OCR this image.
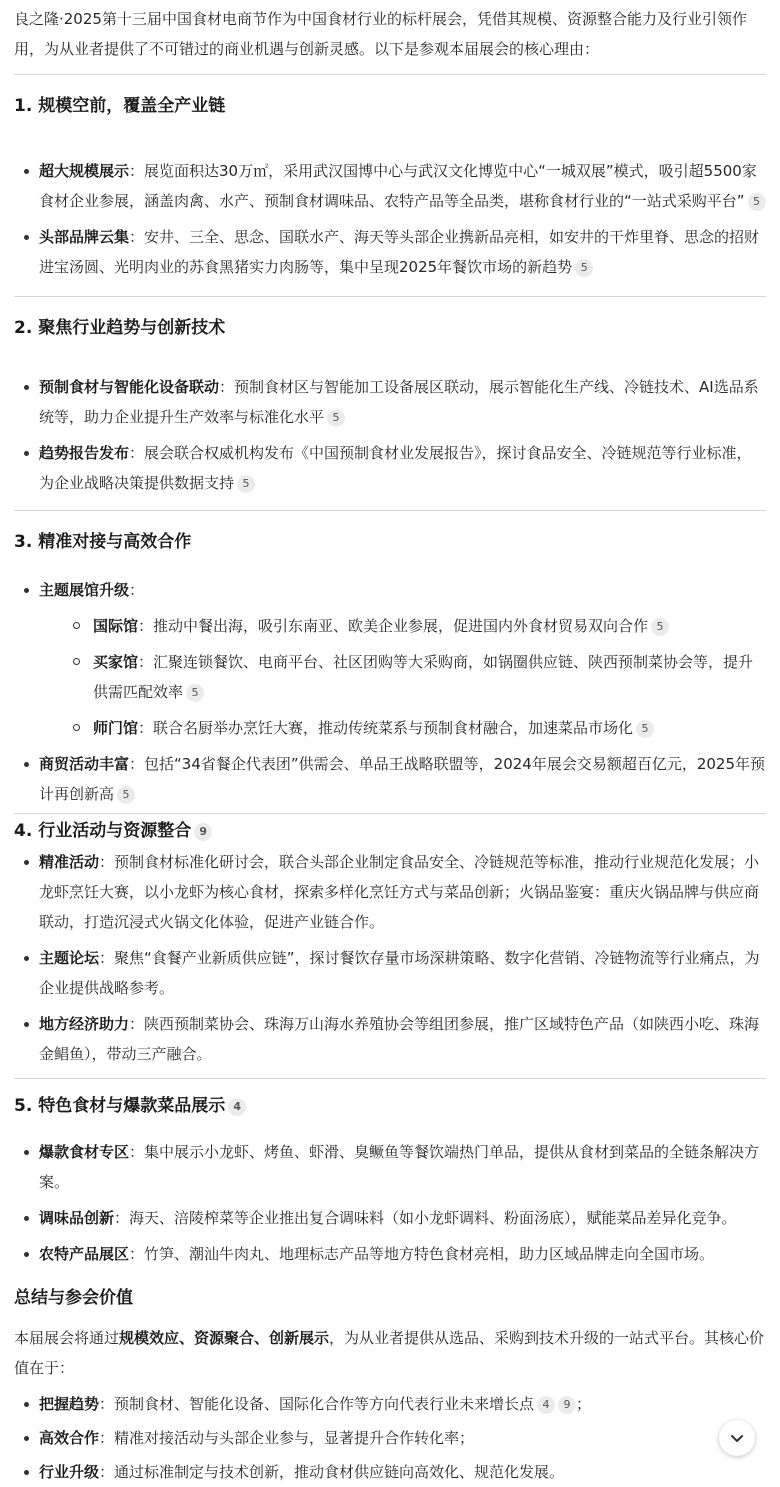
良之隆·2025第十三届中国食材电商节作为中国食材行业的标杆展会，凭借其规模、资源整合能力及行业引领作用，为从业者提供了不可错过的商业机遇与创新灵感。以下是参观本届展会的核心理由：

1. 规模空前，覆盖全产业链
超大规模展示：展览面积达30万㎡，采用武汉国博中心与武汉文化博览中心“一城双展”模式，吸引超5500家食材企业参展，涵盖肉禽、水产、预制食材调味品、农特产品等全品类，堪称食材行业的“一站式采购平台” 5
头部品牌云集：安井、三全、思念、国联水产、海天等头部企业携新品亮相，如安井的干炸里脊、思念的招财进宝汤圆、光明肉业的苏食黑猪实力肉肠等，集中呈现2025年餐饮市场的新趋势 5
2. 聚焦行业趋势与创新技术
预制食材与智能化设备联动：预制食材区与智能加工设备展区联动，展示智能化生产线、冷链技术、AI选品系统等，助力企业提升生产效率与标准化水平 5
趋势报告发布：展会联合权威机构发布《中国预制食材业发展报告》，探讨食品安全、冷链规范等行业标准，为企业战略决策提供数据支持 5
3. 精准对接与高效合作
主题展馆升级：
国际馆：推动中餐出海，吸引东南亚、欧美企业参展，促进国内外食材贸易双向合作 5
买家馆：汇聚连锁餐饮、电商平台、社区团购等大采购商，如锅圈供应链、陕西预制菜协会等，提升供需匹配效率 5
师门馆：联合名厨举办烹饪大赛，推动传统菜系与预制食材融合，加速菜品市场化 5
商贸活动丰富：包括“34省餐企代表团”供需会、单品王战略联盟等，2024年展会交易额超百亿元，2025年预计再创新高 5
4. 行业活动与资源整合 9
精准活动：预制食材标准化研讨会，联合头部企业制定食品安全、冷链规范等标准，推动行业规范化发展；小龙虾烹饪大赛，以小龙虾为核心食材，探索多样化烹饪方式与菜品创新；火锅品鉴宴：重庆火锅品牌与供应商联动，打造沉浸式火锅文化体验，促进产业链合作。
主题论坛：聚焦“食餐产业新质供应链”，探讨餐饮存量市场深耕策略、数字化营销、冷链物流等行业痛点，为企业提供战略参考。
地方经济助力：陕西预制菜协会、珠海万山海水养殖协会等组团参展，推广区域特色产品（如陕西小吃、珠海金鲳鱼），带动三产融合。
5. 特色食材与爆款菜品展示 4
爆款食材专区：集中展示小龙虾、烤鱼、虾滑、臭鳜鱼等餐饮端热门单品，提供从食材到菜品的全链条解决方案。
调味品创新：海天、涪陵榨菜等企业推出复合调味料（如小龙虾调料、粉面汤底），赋能菜品差异化竞争。
农特产品展区：竹笋、潮汕牛肉丸、地理标志产品等地方特色食材亮相，助力区域品牌走向全国市场。
总结与参会价值

本届展会将通过规模效应、资源聚合、创新展示，为从业者提供从选品、采购到技术升级的一站式平台。其核心价值在于：

把握趋势：预制食材、智能化设备、国际化合作等方向代表行业未来增长点 4 9 ；
高效合作：精准对接活动与头部企业参与，显著提升合作转化率；
行业升级：通过标准制定与技术创新，推动食材供应链向高效化、规范化发展。
